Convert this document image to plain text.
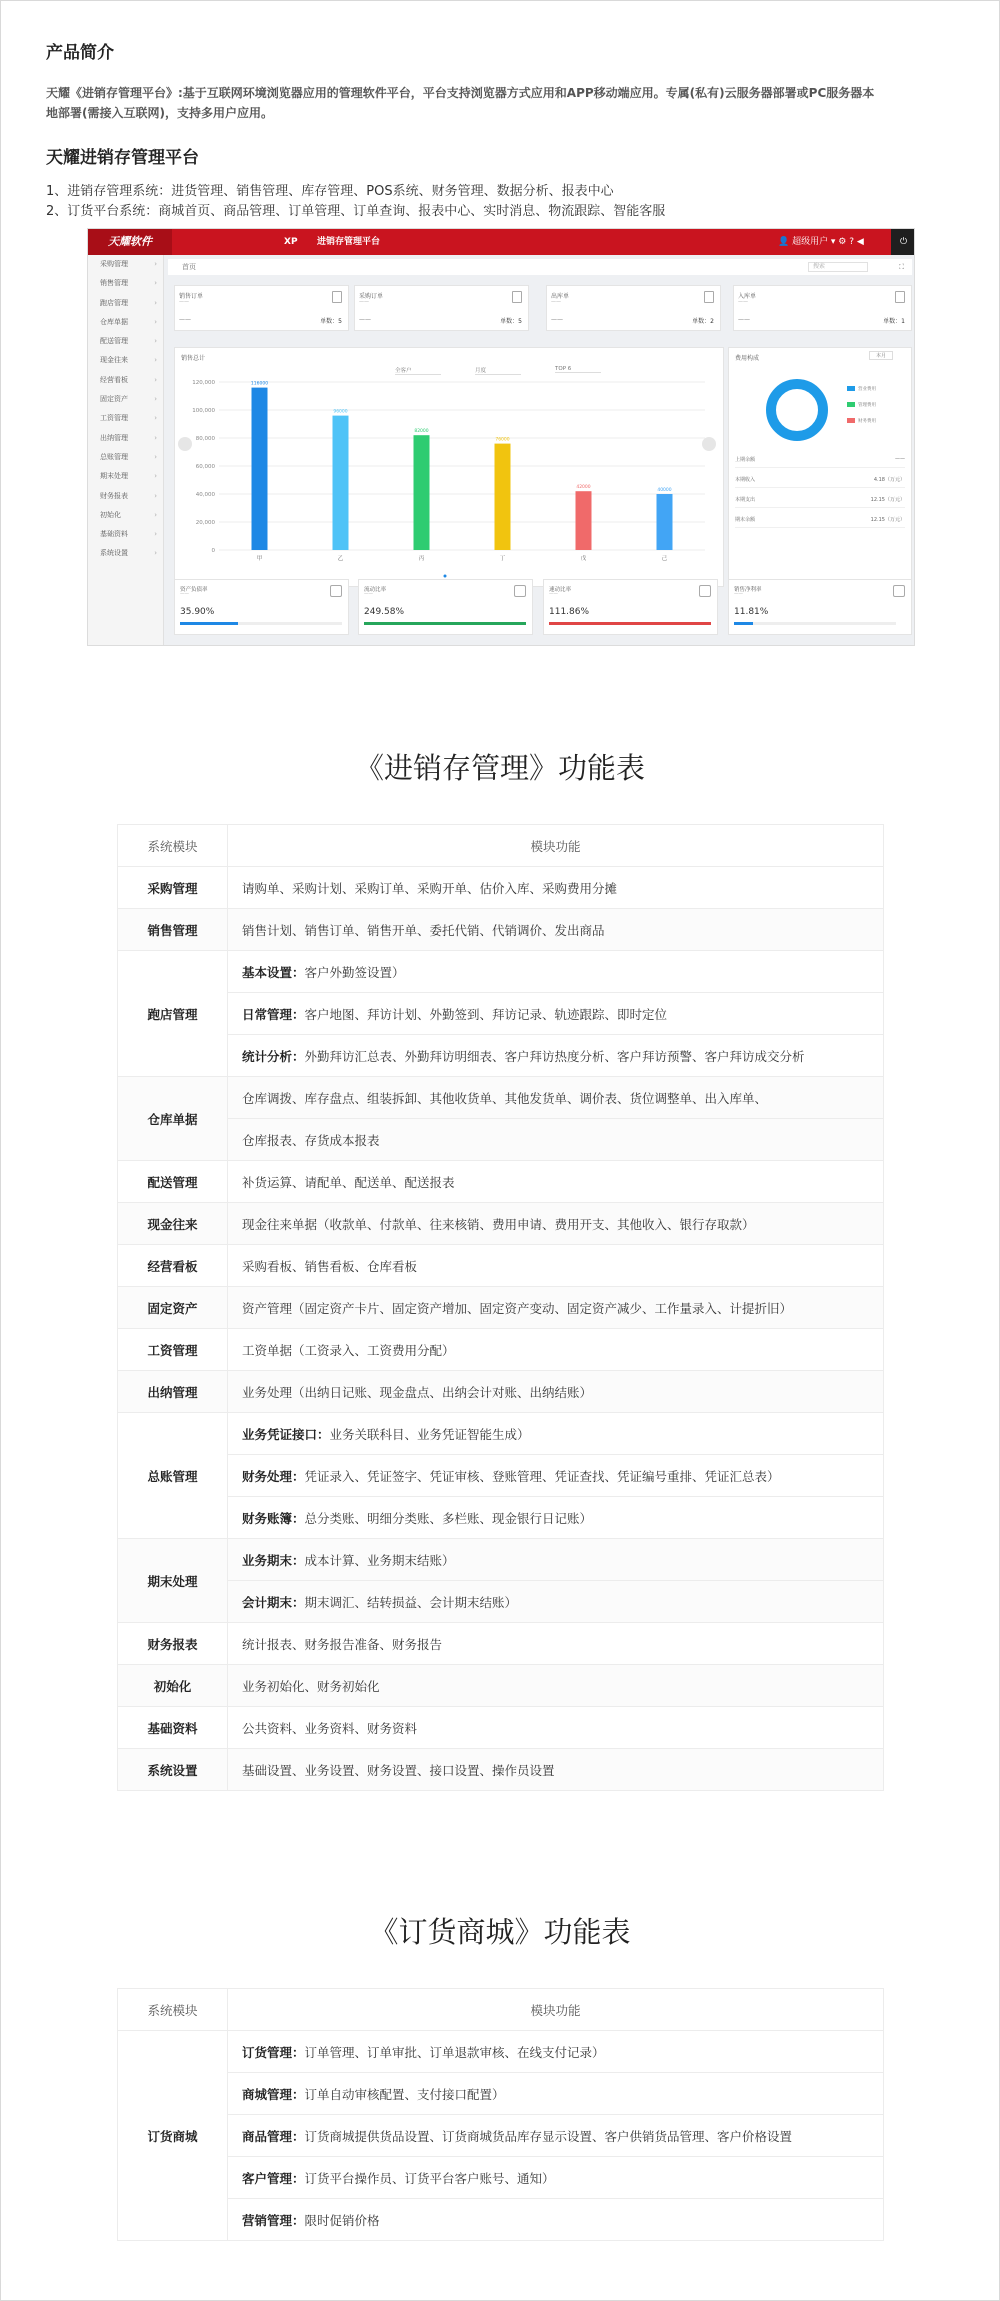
产品简介

天耀《进销存管理平台》:基于互联网环境浏览器应用的管理软件平台，平台支持浏览器方式应用和APP移动端应用。专属(私有)云服务器部署或PC服务器本地部署(需接入互联网)，支持多用户应用。

天耀进销存管理平台

1、进销存管理系统：进货管理、销售管理、库存管理、POS系统、财务管理、数据分析、报表中心

2、订货平台系统：商城首页、商品管理、订单管理、订单查询、报表中心、实时消息、物流跟踪、智能客服

天耀软件	XP 进销存管理平台	👤 超级用户 ▾ ⚙ ? ◀	⏻
采购管理 ›
销售管理 ›
跑店管理 ›
仓库单据 ›
配送管理 ›
现金往来 ›
经营看板 ›
固定资产 ›
工资管理 ›
出纳管理 ›
总账管理 ›
期末处理 ›
财务报表 ›
初始化 ›
基础资料 ›
系统设置 ›
首页	搜索	⛶
销售订单
——
——	单数：5
采购订单
——
——	单数：5
出库单
——
——	单数：2
入库单
——
——	单数：1
销售总计
全客户	月度	TOP 6
0
20,000
40,000
60,000
80,000
100,000
120,000	116000
甲
96000
乙
82000
丙
76000
丁
42000
戊
40000
己
费用构成	本月
营业费用
管理费用
财务费用
上期余额	——
本期收入	4.18（万元）
本期支出	12.15（万元）
期末余额	12.15（万元）
资产负债率
——
35.90%
流动比率
——
249.58%
速动比率
——
111.86%
销售净利率
——
11.81%
《进销存管理》功能表
系统模块	模块功能
采购管理	请购单、采购计划、采购订单、采购开单、估价入库、采购费用分摊
销售管理	销售计划、销售订单、销售开单、委托代销、代销调价、发出商品
跑店管理	基本设置：客户外勤签设置）
	日常管理：客户地图、拜访计划、外勤签到、拜访记录、轨迹跟踪、即时定位
	统计分析：外勤拜访汇总表、外勤拜访明细表、客户拜访热度分析、客户拜访预警、客户拜访成交分析
仓库单据	仓库调拨、库存盘点、组装拆卸、其他收货单、其他发货单、调价表、货位调整单、出入库单、
	仓库报表、存货成本报表
配送管理	补货运算、请配单、配送单、配送报表
现金往来	现金往来单据（收款单、付款单、往来核销、费用申请、费用开支、其他收入、银行存取款）
经营看板	采购看板、销售看板、仓库看板
固定资产	资产管理（固定资产卡片、固定资产增加、固定资产变动、固定资产减少、工作量录入、计提折旧）
工资管理	工资单据（工资录入、工资费用分配）
出纳管理	业务处理（出纳日记账、现金盘点、出纳会计对账、出纳结账）
总账管理	业务凭证接口：业务关联科目、业务凭证智能生成）
	财务处理：凭证录入、凭证签字、凭证审核、登账管理、凭证查找、凭证编号重排、凭证汇总表）
	财务账簿：总分类账、明细分类账、多栏账、现金银行日记账）
期末处理	业务期末：成本计算、业务期末结账）
	会计期末：期末调汇、结转损益、会计期末结账）
财务报表	统计报表、财务报告准备、财务报告
初始化	业务初始化、财务初始化
基础资料	公共资料、业务资料、财务资料
系统设置	基础设置、业务设置、财务设置、接口设置、操作员设置
《订货商城》功能表
系统模块	模块功能
订货商城	订货管理：订单管理、订单审批、订单退款审核、在线支付记录）
	商城管理：订单自动审核配置、支付接口配置）
	商品管理：订货商城提供货品设置、订货商城货品库存显示设置、客户供销货品管理、客户价格设置
	客户管理：订货平台操作员、订货平台客户账号、通知）
	营销管理：限时促销价格
